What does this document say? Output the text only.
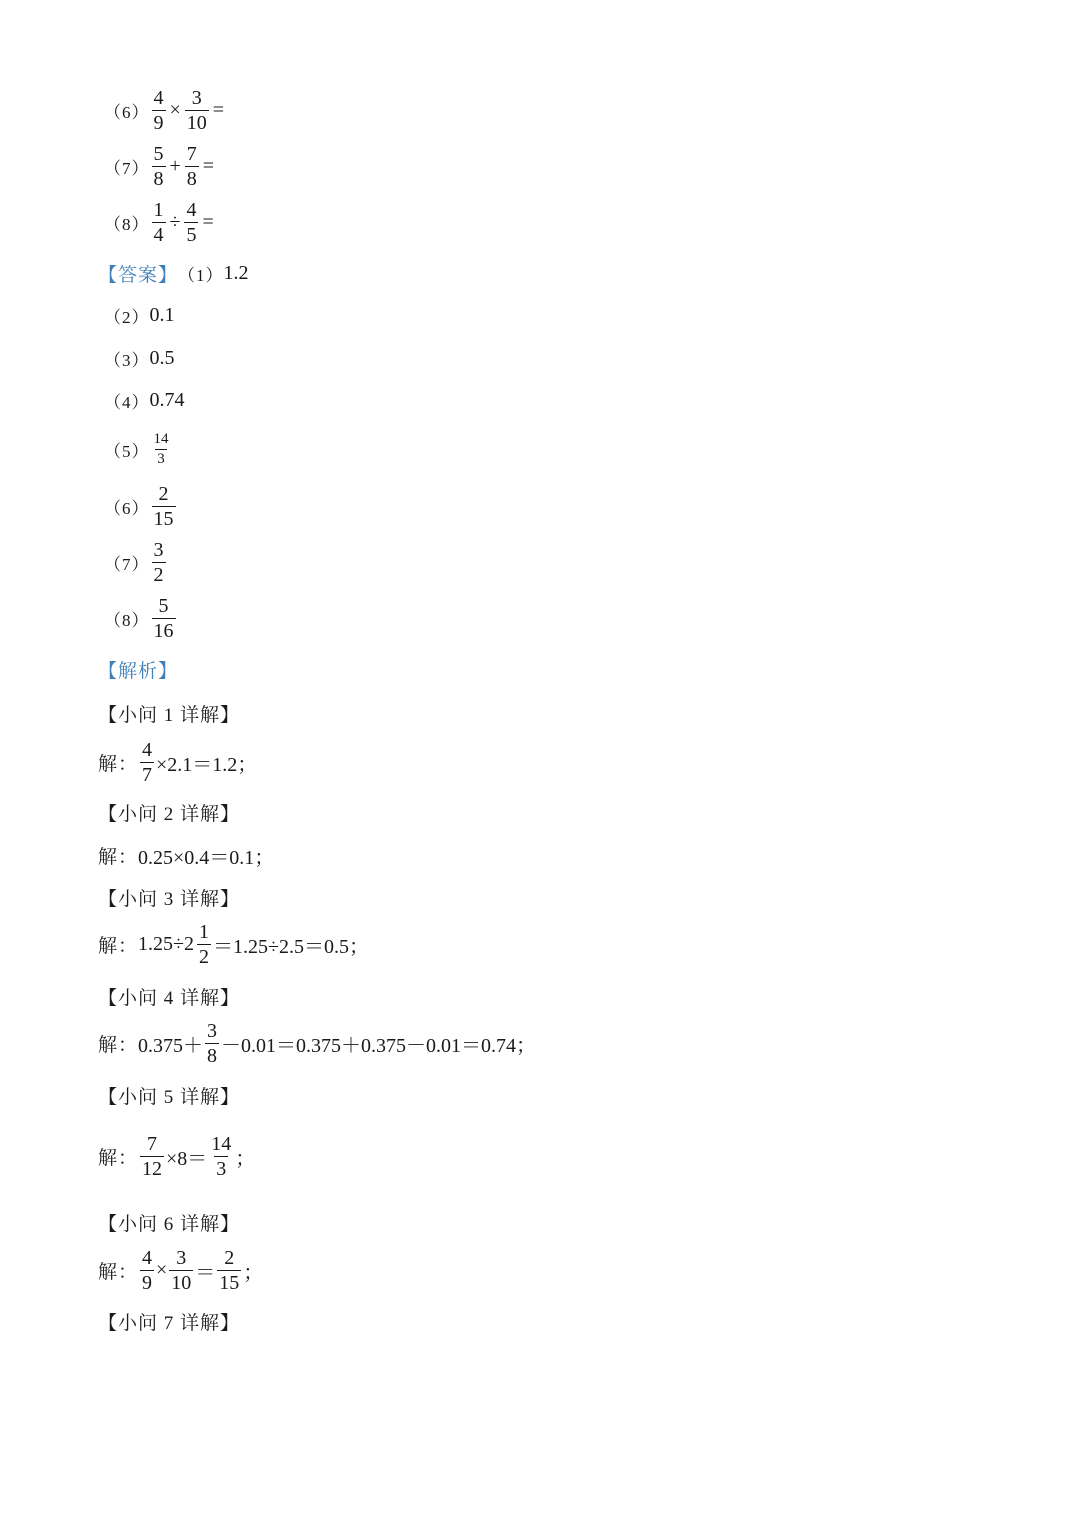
$(6) \frac{4}{9} \times \frac{3}{10}$ =
$(7) \frac{5}{8} + \frac{7}{8}$ =
$(8) \frac{1}{4} \div \frac{4}{5}$ =
【答案】 （1） 1.2
（2） 0.1
（3） 0.5
（4） 0.74
$(5) \frac{14}{3}$
$(6) \frac{2}{15}$
$(7) \frac{3}{2}$
$(8) \frac{5}{16}$
【解析】
【小问 1 详解】
解： $\frac{4}{7} \times 2.1=1.2$ ；
【小问 2 详解】
解： 0.25×0.4＝0.1 ；
【小问 3 详解】
解： $1.25\div 2 \frac{1}{2} =1.25\div 2.5=0.5$ ；
【小问 4 详解】
解： $0.375+ \frac{3}{8} -0.01=0.375+0.375-0.01=0.74$ ；
【小问 5 详解】
解： $\frac{7}{12} \times 8= \frac{14}{3}$ ；
【小问 6 详解】
解： $\frac{4}{9} \times \frac{3}{10} = \frac{2}{15}$ ；
【小问 7 详解】
